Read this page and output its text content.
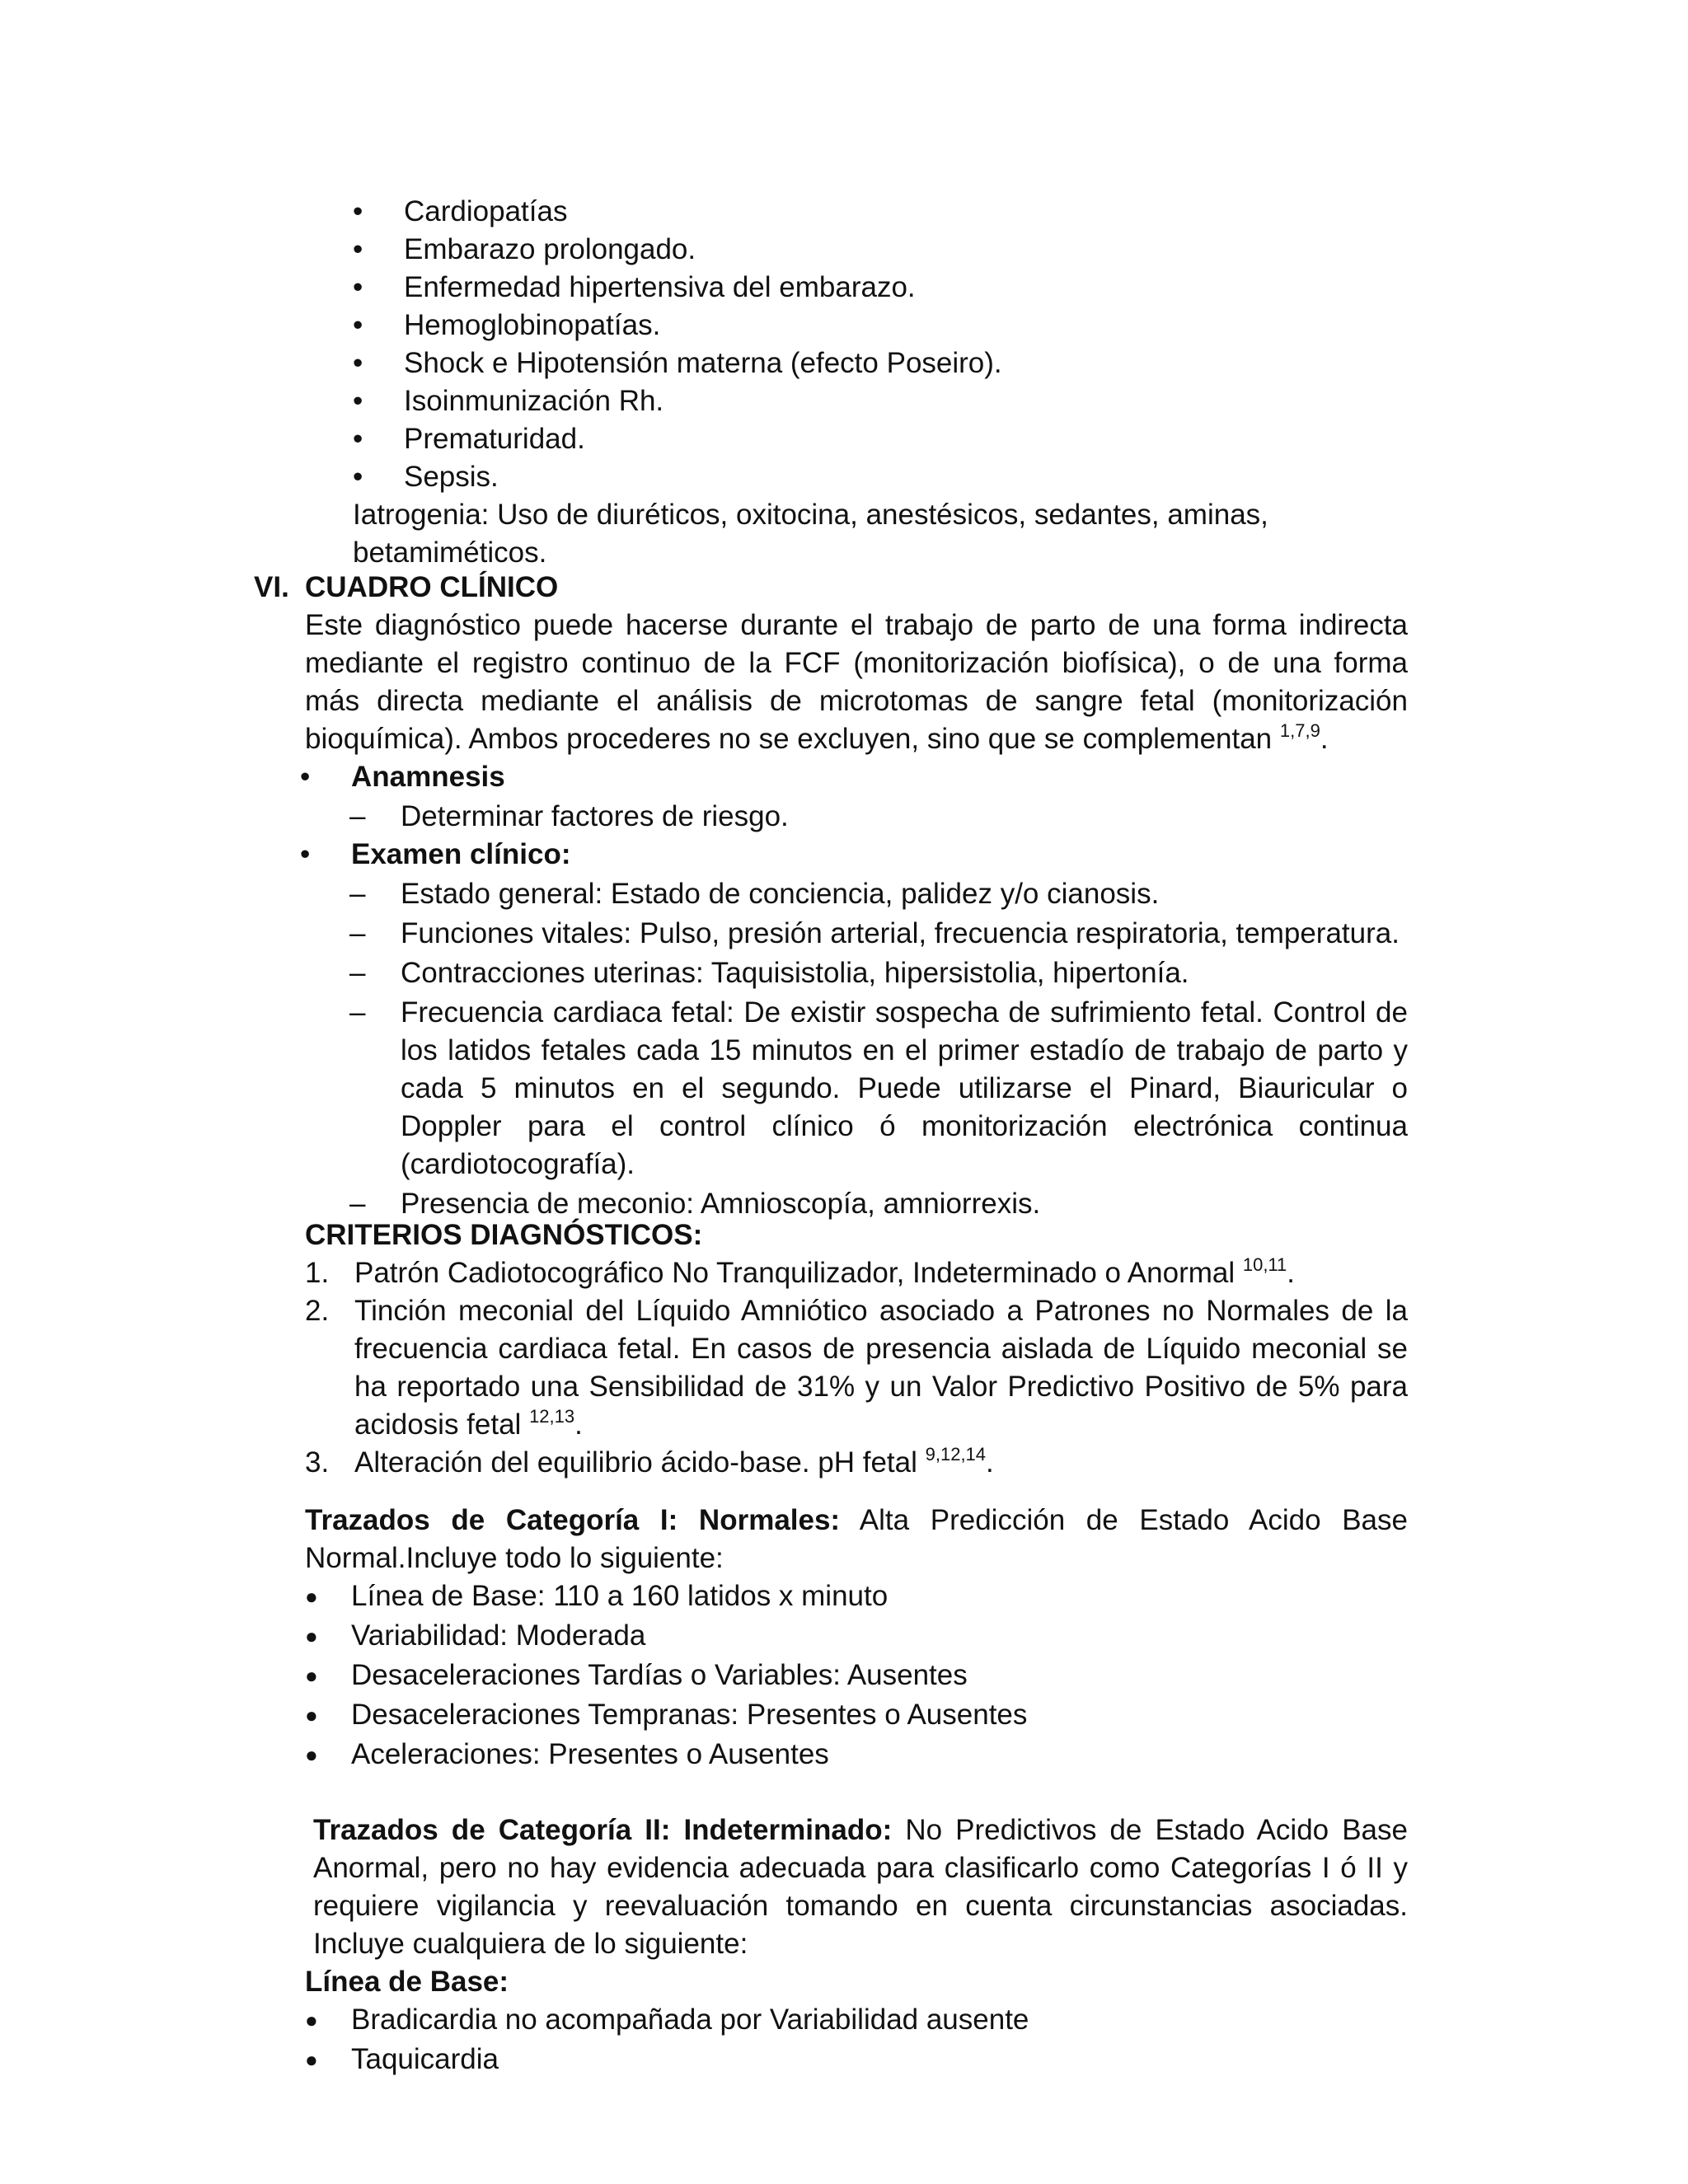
• Cardiopatías
• Embarazo prolongado.
• Enfermedad hipertensiva del embarazo.
• Hemoglobinopatías.
• Shock e Hipotensión materna (efecto Poseiro).
• Isoinmunización Rh.
• Prematuridad.
• Sepsis.
Iatrogenia: Uso de diuréticos, oxitocina, anestésicos, sedantes, aminas, betamiméticos.
VI. CUADRO CLÍNICO
Este diagnóstico puede hacerse durante el trabajo de parto de una forma indirecta mediante el registro continuo de la FCF (monitorización biofísica), o de una forma más directa mediante el análisis de microtomas de sangre fetal (monitorización bioquímica). Ambos procederes no se excluyen, sino que se complementan $^{1,7,9}$.
• Anamnesis
– Determinar factores de riesgo.
• Examen clínico:
– Estado general: Estado de conciencia, palidez y/o cianosis.
– Funciones vitales: Pulso, presión arterial, frecuencia respiratoria, temperatura.
– Contracciones uterinas: Taquisistolia, hipersistolia, hipertonía.
– Frecuencia cardiaca fetal: De existir sospecha de sufrimiento fetal. Control de los latidos fetales cada 15 minutos en el primer estadío de trabajo de parto y cada 5 minutos en el segundo. Puede utilizarse el Pinard, Biauricular o Doppler para el control clínico ó monitorización electrónica continua (cardiotocografía).
– Presencia de meconio: Amnioscopía, amniorrexis.
CRITERIOS DIAGNÓSTICOS:
1. Patrón Cadiotocográfico No Tranquilizador, Indeterminado o Anormal $^{10,11}$.
2. Tinción meconial del Líquido Amniótico asociado a Patrones no Normales de la frecuencia cardiaca fetal. En casos de presencia aislada de Líquido meconial se ha reportado una Sensibilidad de 31% y un Valor Predictivo Positivo de 5% para acidosis fetal $^{12,13}$.
3. Alteración del equilibrio ácido-base. pH fetal $^{9,12,14}$.
Trazados de Categoría I: Normales: Alta Predicción de Estado Acido Base Normal.Incluye todo lo siguiente:
● Línea de Base: 110 a 160 latidos x minuto
● Variabilidad: Moderada
● Desaceleraciones Tardías o Variables: Ausentes
● Desaceleraciones Tempranas: Presentes o Ausentes
● Aceleraciones: Presentes o Ausentes
Trazados de Categoría II: Indeterminado: No Predictivos de Estado Acido Base Anormal, pero no hay evidencia adecuada para clasificarlo como Categorías I ó II y requiere vigilancia y reevaluación tomando en cuenta circunstancias asociadas. Incluye cualquiera de lo siguiente:
Línea de Base:
● Bradicardia no acompañada por Variabilidad ausente
● Taquicardia
